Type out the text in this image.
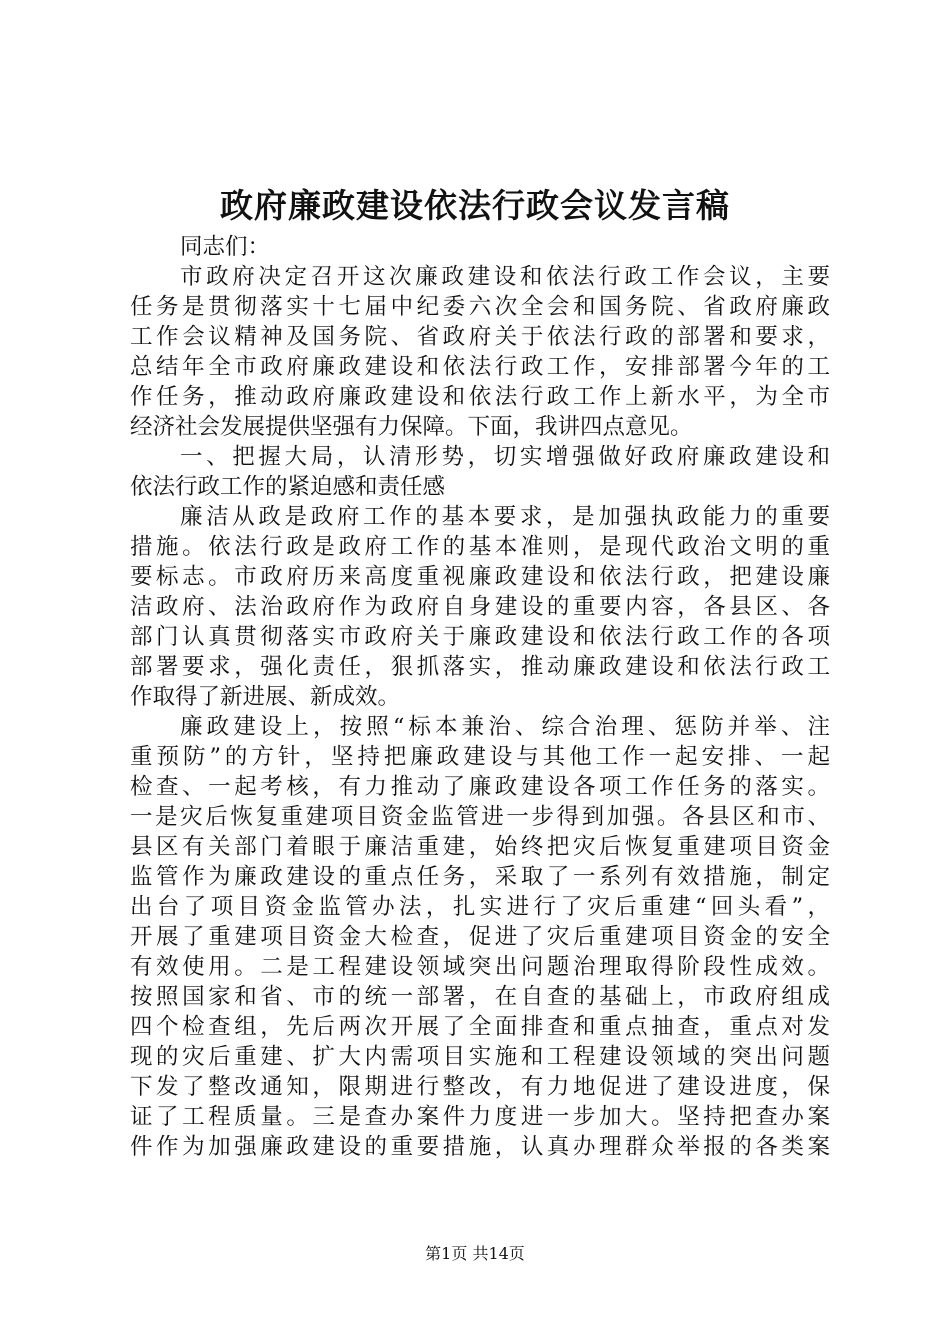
政府廉政建设依法行政会议发言稿
同志们：
市政府决定召开这次廉政建设和依法行政工作会议，主要
任务是贯彻落实十七届中纪委六次全会和国务院、省政府廉政
工作会议精神及国务院、省政府关于依法行政的部署和要求，
总结年全市政府廉政建设和依法行政工作，安排部署今年的工
作任务，推动政府廉政建设和依法行政工作上新水平，为全市
经济社会发展提供坚强有力保障。下面，我讲四点意见。
一、把握大局，认清形势，切实增强做好政府廉政建设和
依法行政工作的紧迫感和责任感
廉洁从政是政府工作的基本要求，是加强执政能力的重要
措施。依法行政是政府工作的基本准则，是现代政治文明的重
要标志。市政府历来高度重视廉政建设和依法行政，把建设廉
洁政府、法治政府作为政府自身建设的重要内容，各县区、各
部门认真贯彻落实市政府关于廉政建设和依法行政工作的各项
部署要求，强化责任，狠抓落实，推动廉政建设和依法行政工
作取得了新进展、新成效。
廉政建设上，按照“标本兼治、综合治理、惩防并举、注
重预防”的方针，坚持把廉政建设与其他工作一起安排、一起
检查、一起考核，有力推动了廉政建设各项工作任务的落实。
一是灾后恢复重建项目资金监管进一步得到加强。各县区和市、
县区有关部门着眼于廉洁重建，始终把灾后恢复重建项目资金
监管作为廉政建设的重点任务，采取了一系列有效措施，制定
出台了项目资金监管办法，扎实进行了灾后重建“回头看”，
开展了重建项目资金大检查，促进了灾后重建项目资金的安全
有效使用。二是工程建设领域突出问题治理取得阶段性成效。
按照国家和省、市的统一部署，在自查的基础上，市政府组成
四个检查组，先后两次开展了全面排查和重点抽查，重点对发
现的灾后重建、扩大内需项目实施和工程建设领域的突出问题
下发了整改通知，限期进行整改，有力地促进了建设进度，保
证了工程质量。三是查办案件力度进一步加大。坚持把查办案
件作为加强廉政建设的重要措施，认真办理群众举报的各类案
第1页 共14页
